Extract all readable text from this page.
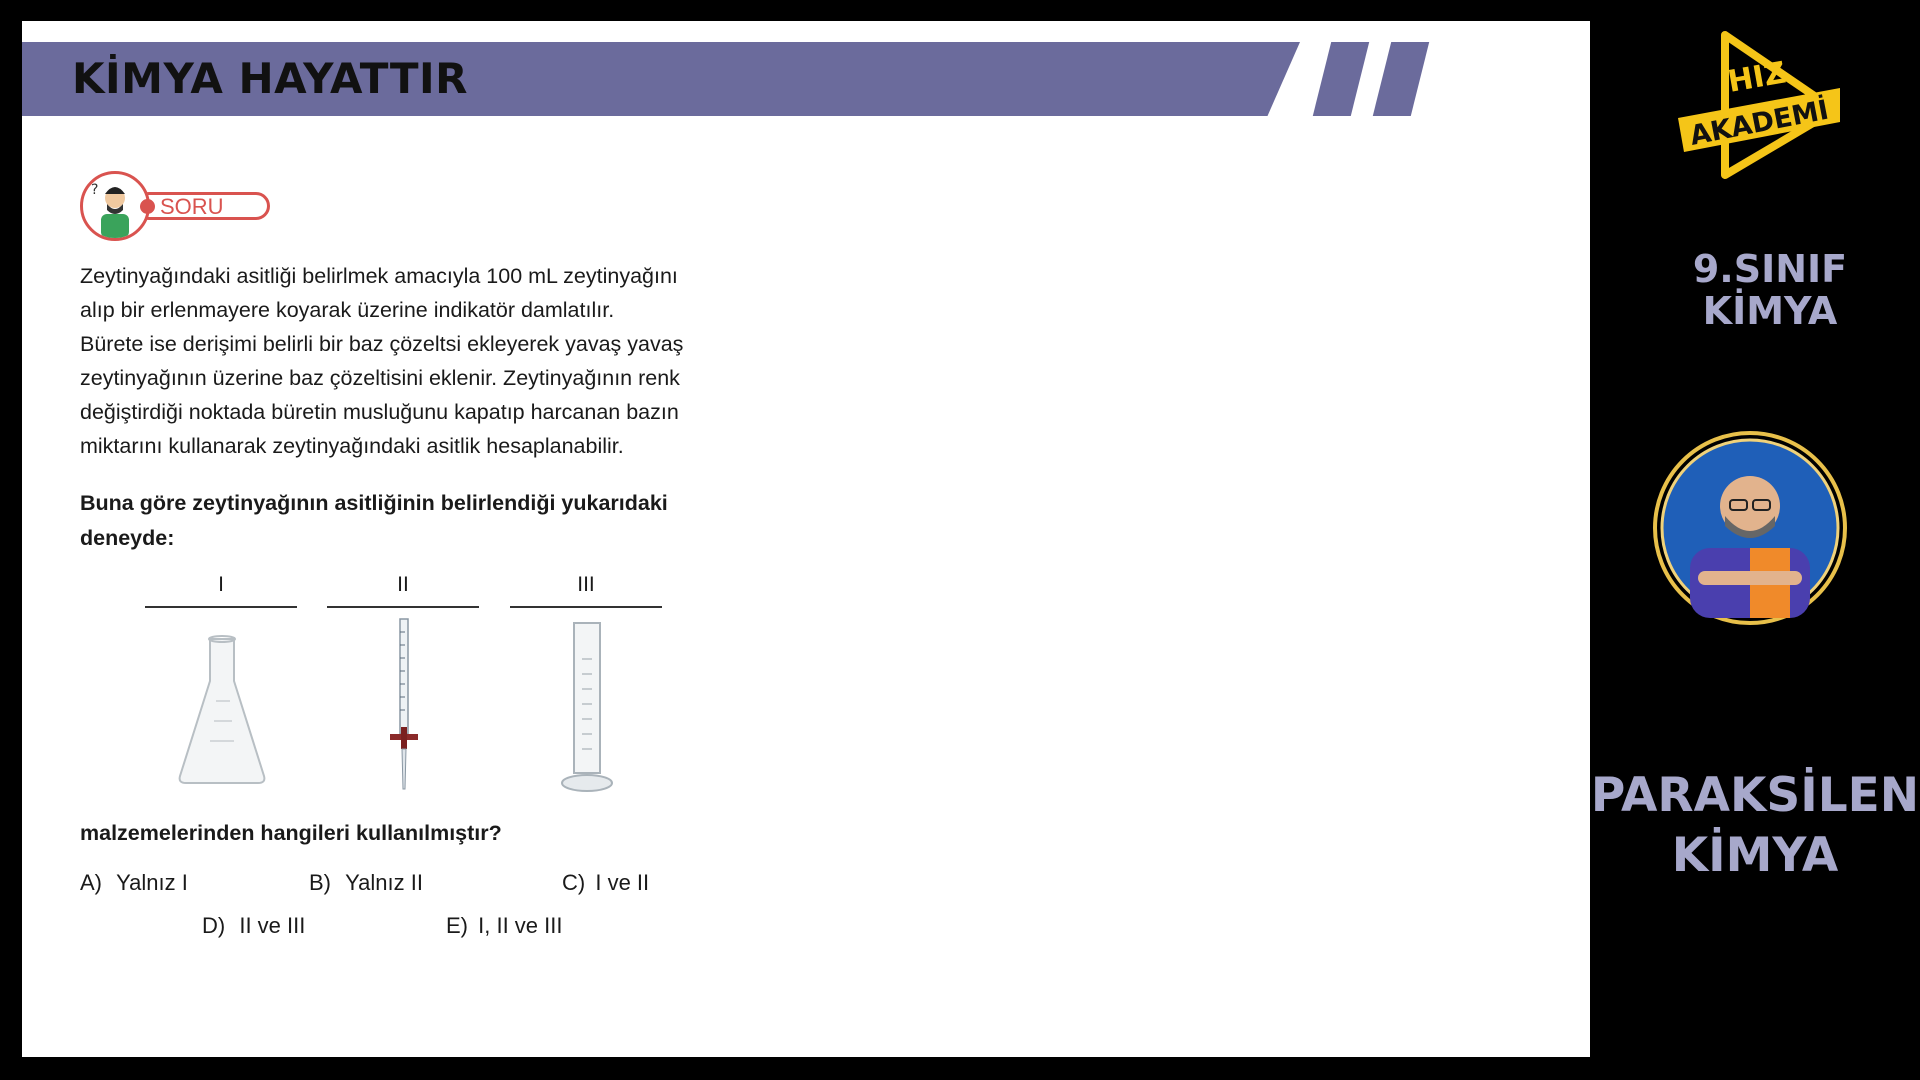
KİMYA HAYATTIR
?
SORU
Zeytinyağındaki asitliği belirlmek amacıyla 100 mL zeytinyağını
alıp bir erlenmayere koyarak üzerine indikatör damlatılır.
Bürete ise derişimi belirli bir baz çözeltsi ekleyerek yavaş yavaş
zeytinyağının üzerine baz çözeltisini eklenir. Zeytinyağının renk
değiştirdiği noktada büretin musluğunu kapatıp harcanan bazın
miktarını kullanarak zeytinyağındaki asitlik hesaplanabilir.
Buna göre zeytinyağının asitliğinin belirlendiği yukarıdaki
deneyde:
I	II	III
malzemelerinden hangileri kullanılmıştır?
A) Yalnız I	B) Yalnız II	C) I ve II
D) II ve III	E) I, II ve III
HIZ
AKADEMİ
9.SINIF
KİMYA
PARAKSİLEN
KİMYA
